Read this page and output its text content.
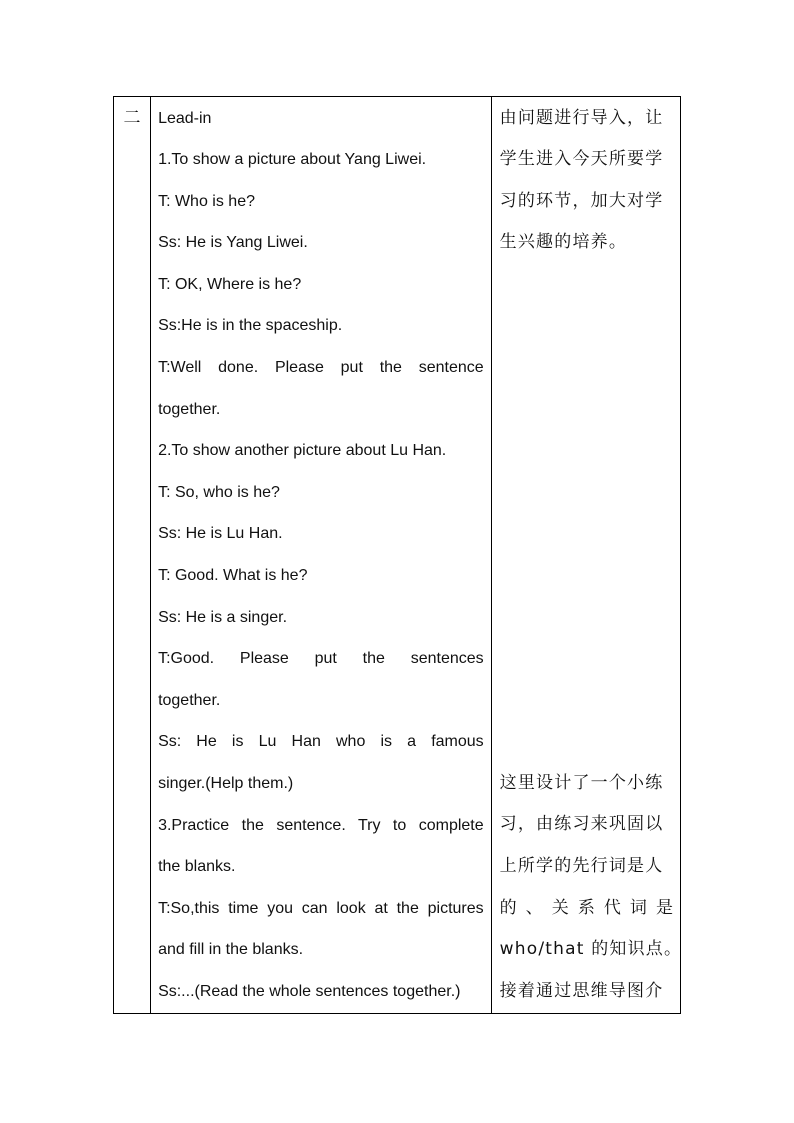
二	Lead-in
1.To show a picture about Yang Liwei.
T: Who is he?
Ss: He is Yang Liwei.
T: OK, Where is he?
Ss:He is in the spaceship.
T:Well done. Please put the sentence
together.
2.To show another picture about Lu Han.
T: So, who is he?
Ss: He is Lu Han.
T: Good. What is he?
Ss: He is a singer.
T:Good. Please put the sentences
together.
Ss: He is Lu Han who is a famous
singer.(Help them.)
3.Practice the sentence. Try to complete
the blanks.
T:So,this time you can look at the pictures
and fill in the blanks.
Ss:...(Read the whole sentences together.)

由问题进行导入，让
学生进入今天所要学
习的环节，加大对学
生兴趣的培养。
这里设计了一个小练
习，由练习来巩固以
上所学的先行词是人
的 、 关 系 代 词 是
who/that 的知识点。
接着通过思维导图介
